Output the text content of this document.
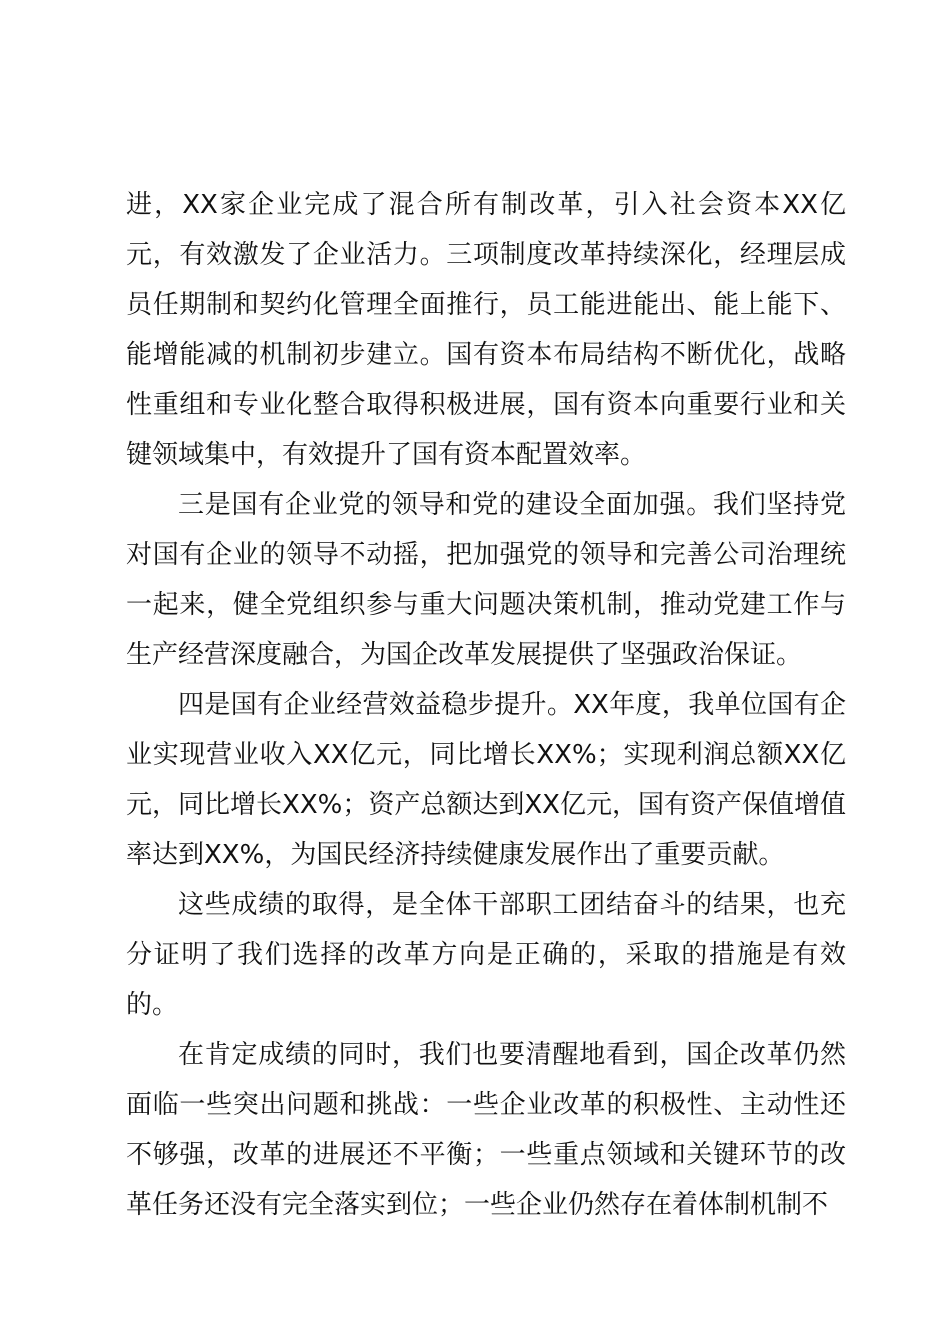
进，XX家企业完成了混合所有制改革，引入社会资本XX亿元，有效激发了企业活力。三项制度改革持续深化，经理层成员任期制和契约化管理全面推行，员工能进能出、能上能下、能增能减的机制初步建立。国有资本布局结构不断优化，战略性重组和专业化整合取得积极进展，国有资本向重要行业和关键领域集中，有效提升了国有资本配置效率。

三是国有企业党的领导和党的建设全面加强。我们坚持党对国有企业的领导不动摇，把加强党的领导和完善公司治理统一起来，健全党组织参与重大问题决策机制，推动党建工作与生产经营深度融合，为国企改革发展提供了坚强政治保证。

四是国有企业经营效益稳步提升。XX年度，我单位国有企业实现营业收入XX亿元，同比增长XX%；实现利润总额XX亿元，同比增长XX%；资产总额达到XX亿元，国有资产保值增值率达到XX%，为国民经济持续健康发展作出了重要贡献。

这些成绩的取得，是全体干部职工团结奋斗的结果，也充分证明了我们选择的改革方向是正确的，采取的措施是有效的。

在肯定成绩的同时，我们也要清醒地看到，国企改革仍然面临一些突出问题和挑战：一些企业改革的积极性、主动性还不够强，改革的进展还不平衡；一些重点领域和关键环节的改革任务还没有完全落实到位；一些企业仍然存在着体制机制不
